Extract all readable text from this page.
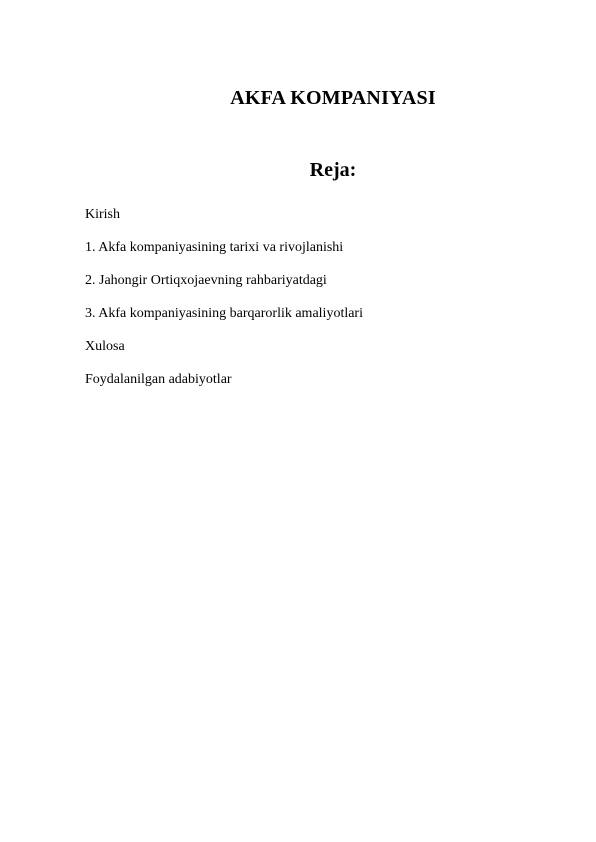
AKFA KOMPANIYASI
Reja:
Kirish
1. Akfa kompaniyasining tarixi va rivojlanishi
2. Jahongir Ortiqxojaevning rahbariyatdagi
3. Akfa kompaniyasining barqarorlik amaliyotlari
Xulosa
Foydalanilgan adabiyotlar
